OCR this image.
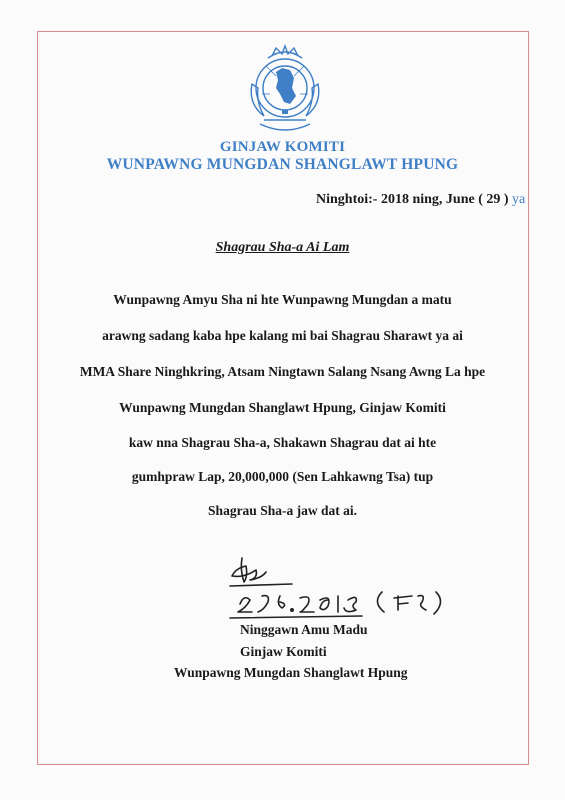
GINJAW KOMITI
WUNPAWNG MUNGDAN SHANGLAWT HPUNG
Ninghtoi:- 2018 ning, June ( 29 ) ya
Shagrau Sha-a Ai Lam
Wunpawng Amyu Sha ni hte Wunpawng Mungdan a matu
arawng sadang kaba hpe kalang mi bai Shagrau Sharawt ya ai
MMA Share Ninghkring, Atsam Ningtawn Salang Nsang Awng La hpe
Wunpawng Mungdan Shanglawt Hpung, Ginjaw Komiti
kaw nna Shagrau Sha-a, Shakawn Shagrau dat ai hte
gumhpraw Lap, 20,000,000 (Sen Lahkawng Tsa) tup
Shagrau Sha-a jaw dat ai.
Ninggawn Amu Madu
Ginjaw Komiti
Wunpawng Mungdan Shanglawt Hpung
